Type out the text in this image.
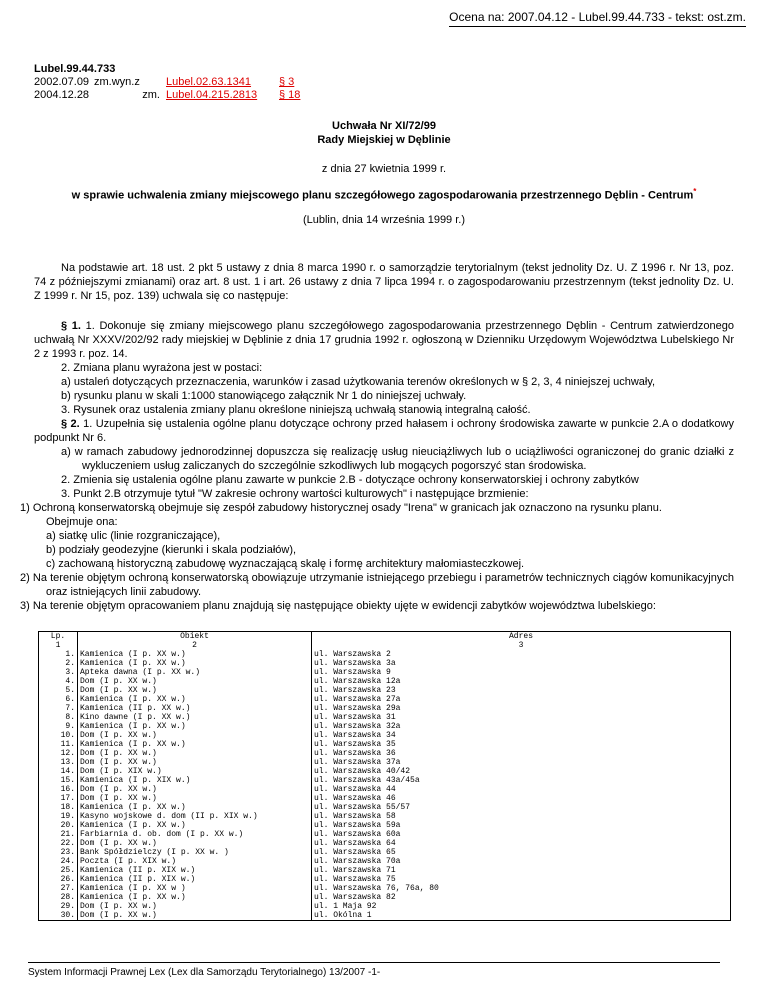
Ocena na: 2007.04.12 - Lubel.99.44.733 - tekst: ost.zm.
Lubel.99.44.733
2002.07.09 zm.wyn.z	Lubel.02.63.1341	§ 3
2004.12.28	zm. Lubel.04.215.2813	§ 18
Uchwała Nr XI/72/99
Rady Miejskiej w Dęblinie
z dnia 27 kwietnia 1999 r.
w sprawie uchwalenia zmiany miejscowego planu szczegółowego zagospodarowania przestrzennego Dęblin - Centrum*
(Lublin, dnia 14 września 1999 r.)

Na podstawie art. 18 ust. 2 pkt 5 ustawy z dnia 8 marca 1990 r. o samorządzie terytorialnym (tekst jednolity Dz. U. Z 1996 r. Nr 13, poz. 74 z późniejszymi zmianami) oraz art. 8 ust. 1 i art. 26 ustawy z dnia 7 lipca 1994 r. o zagospodarowaniu przestrzennym (tekst jednolity Dz. U. Z 1999 r. Nr 15, poz. 139) uchwala się co następuje:

§ 1. 1. Dokonuje się zmiany miejscowego planu szczegółowego zagospodarowania przestrzennego Dęblin - Centrum zatwierdzonego uchwałą Nr XXXV/202/92 rady miejskiej w Dęblinie z dnia 17 grudnia 1992 r. ogłoszoną w Dzienniku Urzędowym Województwa Lubelskiego Nr 2 z 1993 r. poz. 14.

2. Zmiana planu wyrażona jest w postaci:

a) ustaleń dotyczących przeznaczenia, warunków i zasad użytkowania terenów określonych w § 2, 3, 4 niniejszej uchwały,

b) rysunku planu w skali 1:1000 stanowiącego załącznik Nr 1 do niniejszej uchwały.

3. Rysunek oraz ustalenia zmiany planu określone niniejszą uchwałą stanowią integralną całość.

§ 2. 1. Uzupełnia się ustalenia ogólne planu dotyczące ochrony przed hałasem i ochrony środowiska zawarte w punkcie 2.A o dodatkowy podpunkt Nr 6.

a) w ramach zabudowy jednorodzinnej dopuszcza się realizację usług nieuciążliwych lub o uciążliwości ograniczonej do granic działki z wykluczeniem usług zaliczanych do szczególnie szkodliwych lub mogących pogorszyć stan środowiska.

2. Zmienia się ustalenia ogólne planu zawarte w punkcie 2.B - dotyczące ochrony konserwatorskiej i ochrony zabytków

3. Punkt 2.B otrzymuje tytuł "W zakresie ochrony wartości kulturowych" i następujące brzmienie:

1) Ochroną konserwatorską obejmuje się zespół zabudowy historycznej osady "Irena" w granicach jak oznaczono na rysunku planu.

Obejmuje ona:

a) siatkę ulic (linie rozgraniczające),

b) podziały geodezyjne (kierunki i skala podziałów),

c) zachowaną historyczną zabudowę wyznaczającą skalę i formę architektury małomiasteczkowej.

2) Na terenie objętym ochroną konserwatorską obowiązuje utrzymanie istniejącego przebiegu i parametrów technicznych ciągów komunikacyjnych oraz istniejących linii zabudowy.

3) Na terenie objętym opracowaniem planu znajdują się następujące obiekty ujęte w ewidencji zabytków województwa lubelskiego:

Lp.	Obiekt	Adres
1	2	3
1.	Kamienica (I p. XX w.)	ul. Warszawska 2
2.	Kamienica (I p. XX w.)	ul. Warszawska 3a
3.	Apteka dawna (I p. XX w.)	ul. Warszawska 9
4.	Dom (I p. XX w.)	ul. Warszawska 12a
5.	Dom (I p. XX w.)	ul. Warszawska 23
6.	Kamienica (I p. XX w.)	ul. Warszawska 27a
7.	Kamienica (II p. XX w.)	ul. Warszawska 29a
8.	Kino dawne (I p. XX w.)	ul. Warszawska 31
9.	Kamienica (I p. XX w.)	ul. Warszawska 32a
10.	Dom (I p. XX w.)	ul. Warszawska 34
11.	Kamienica (I p. XX w.)	ul. Warszawska 35
12.	Dom (I p. XX w.)	ul. Warszawska 36
13.	Dom (I p. XX w.)	ul. Warszawska 37a
14.	Dom (I p. XIX w.)	ul. Warszawska 40/42
15.	Kamienica (I p. XIX w.)	ul. Warszawska 43a/45a
16.	Dom (I p. XX w.)	ul. Warszawska 44
17.	Dom (I p. XX w.)	ul. Warszawska 46
18.	Kamienica (I p. XX w.)	ul. Warszawska 55/57
19.	Kasyno wojskowe d. dom (II p. XIX w.)	ul. Warszawska 58
20.	Kamienica (I p. XX w.)	ul. Warszawska 59a
21.	Farbiarnia d. ob. dom (I p. XX w.)	ul. Warszawska 60a
22.	Dom (I p. XX w.)	ul. Warszawska 64
23.	Bank Spółdzielczy (I p. XX w. )	ul. Warszawska 65
24.	Poczta (I p. XIX w.)	ul. Warszawska 70a
25.	Kamienica (II p. XIX w.)	ul. Warszawska 71
26.	Kamienica (II p. XIX w.)	ul. Warszawska 75
27.	Kamienica (I p. XX w )	ul. Warszawska 76, 76a, 80
28.	Kamienica (I p. XX w.)	ul. Warszawska 82
29.	Dom (I p. XX w.)	ul. 1 Maja 92
30.	Dom (I p. XX w.)	ul. Okólna 1
System Informacji Prawnej Lex (Lex dla Samorządu Terytorialnego) 13/2007 -1-
